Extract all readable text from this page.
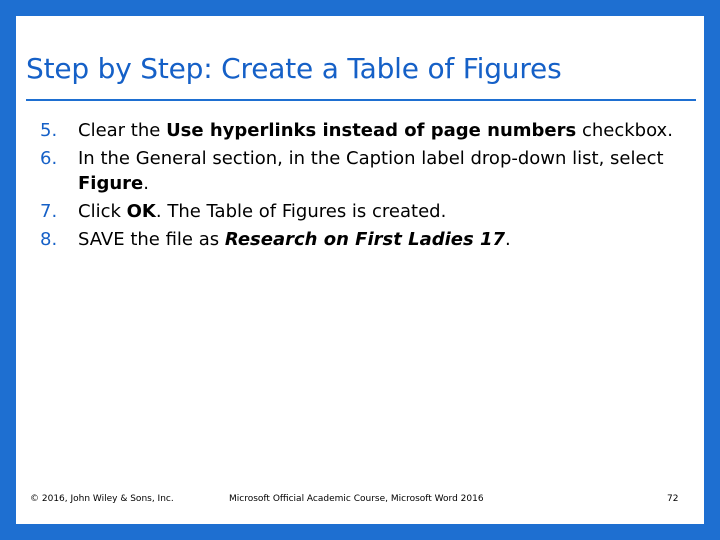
Step by Step: Create a Table of Figures
5. Clear the Use hyperlinks instead of page numbers checkbox.
6. In the General section, in the Caption label drop-down list, select Figure.
7. Click OK. The Table of Figures is created.
8. SAVE the file as Research on First Ladies 17.
© 2016, John Wiley & Sons, Inc.	Microsoft Official Academic Course, Microsoft Word 2016	72
